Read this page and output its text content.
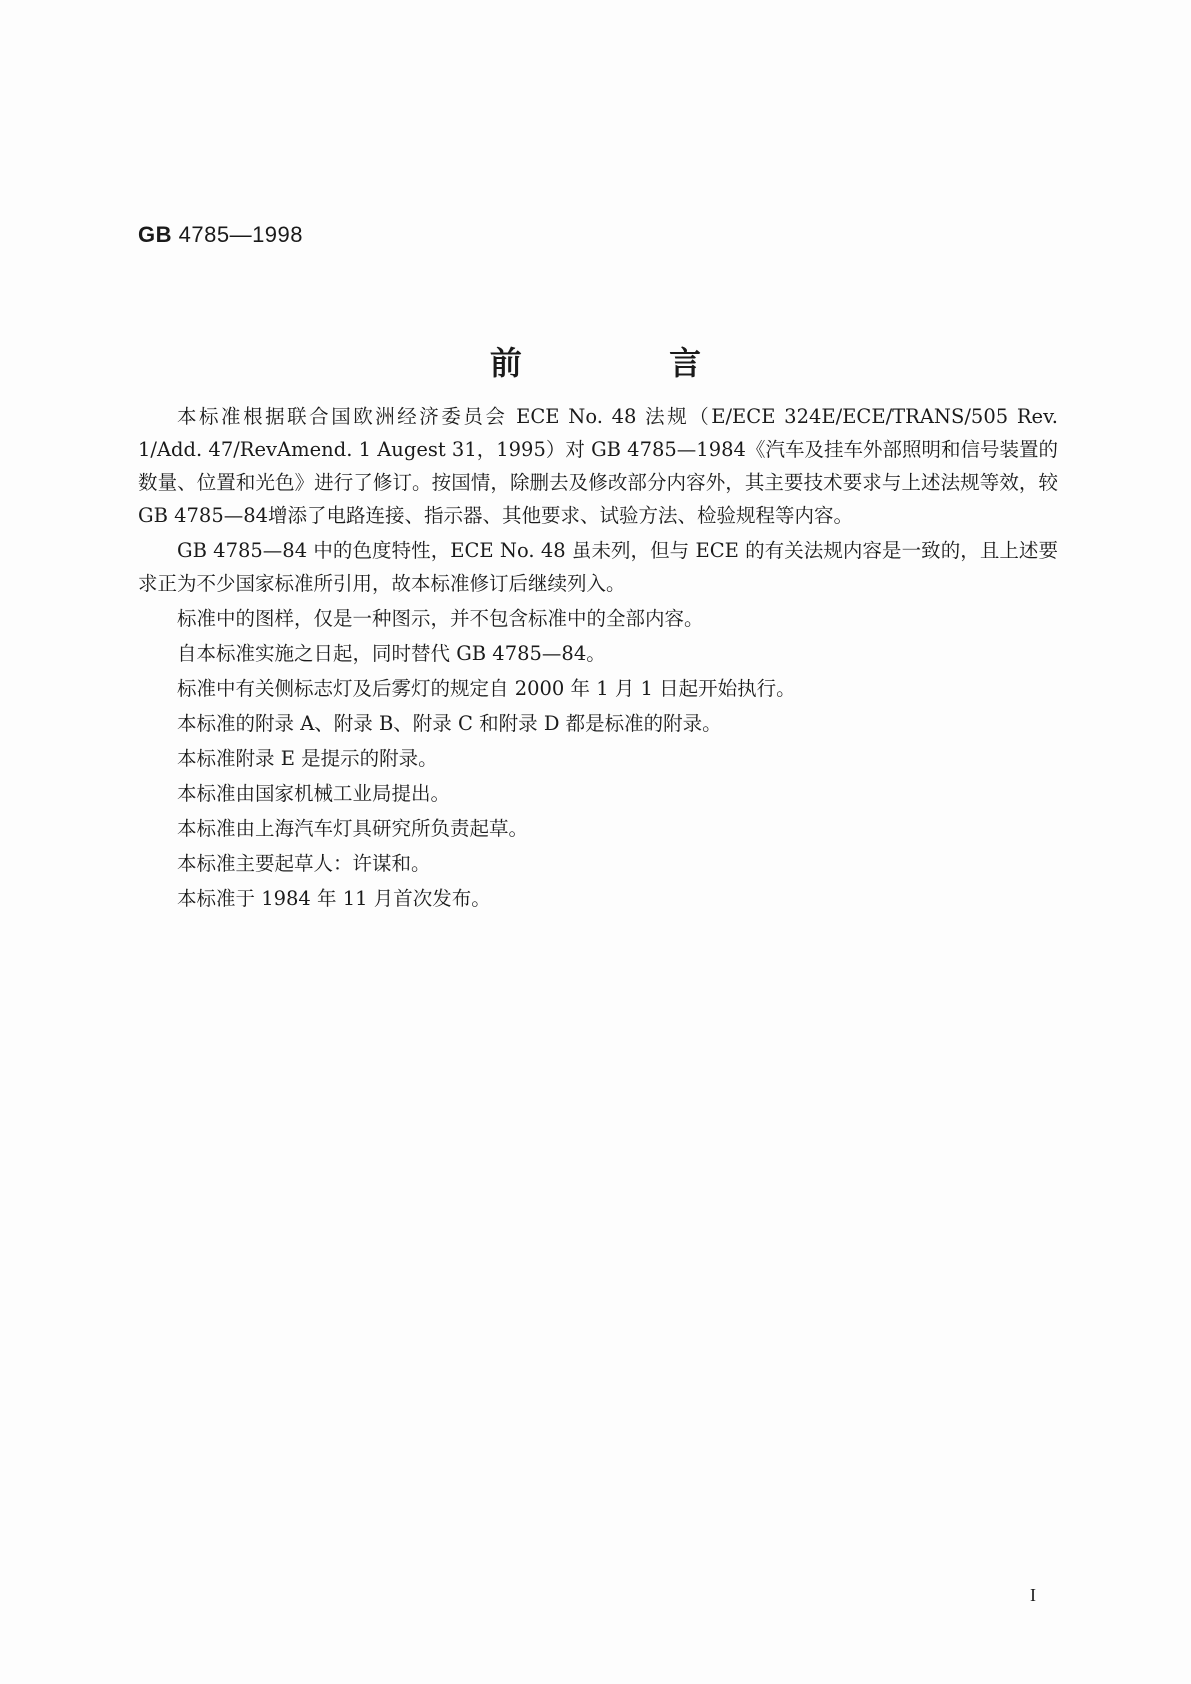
GB 4785—1998
前 言

本标准根据联合国欧洲经济委员会 ECE No. 48 法规（E/ECE 324E/ECE/TRANS/505 Rev. 1/Add. 47/RevAmend. 1 Augest 31，1995）对 GB 4785—1984《汽车及挂车外部照明和信号装置的数量、位置和光色》进行了修订。按国情，除删去及修改部分内容外，其主要技术要求与上述法规等效，较 GB 4785—84增添了电路连接、指示器、其他要求、试验方法、检验规程等内容。

GB 4785—84 中的色度特性，ECE No. 48 虽未列，但与 ECE 的有关法规内容是一致的，且上述要求正为不少国家标准所引用，故本标准修订后继续列入。

标准中的图样，仅是一种图示，并不包含标准中的全部内容。

自本标准实施之日起，同时替代 GB 4785—84。

标准中有关侧标志灯及后雾灯的规定自 2000 年 1 月 1 日起开始执行。

本标准的附录 A、附录 B、附录 C 和附录 D 都是标准的附录。

本标准附录 E 是提示的附录。

本标准由国家机械工业局提出。

本标准由上海汽车灯具研究所负责起草。

本标准主要起草人：许谋和。

本标准于 1984 年 11 月首次发布。

I
